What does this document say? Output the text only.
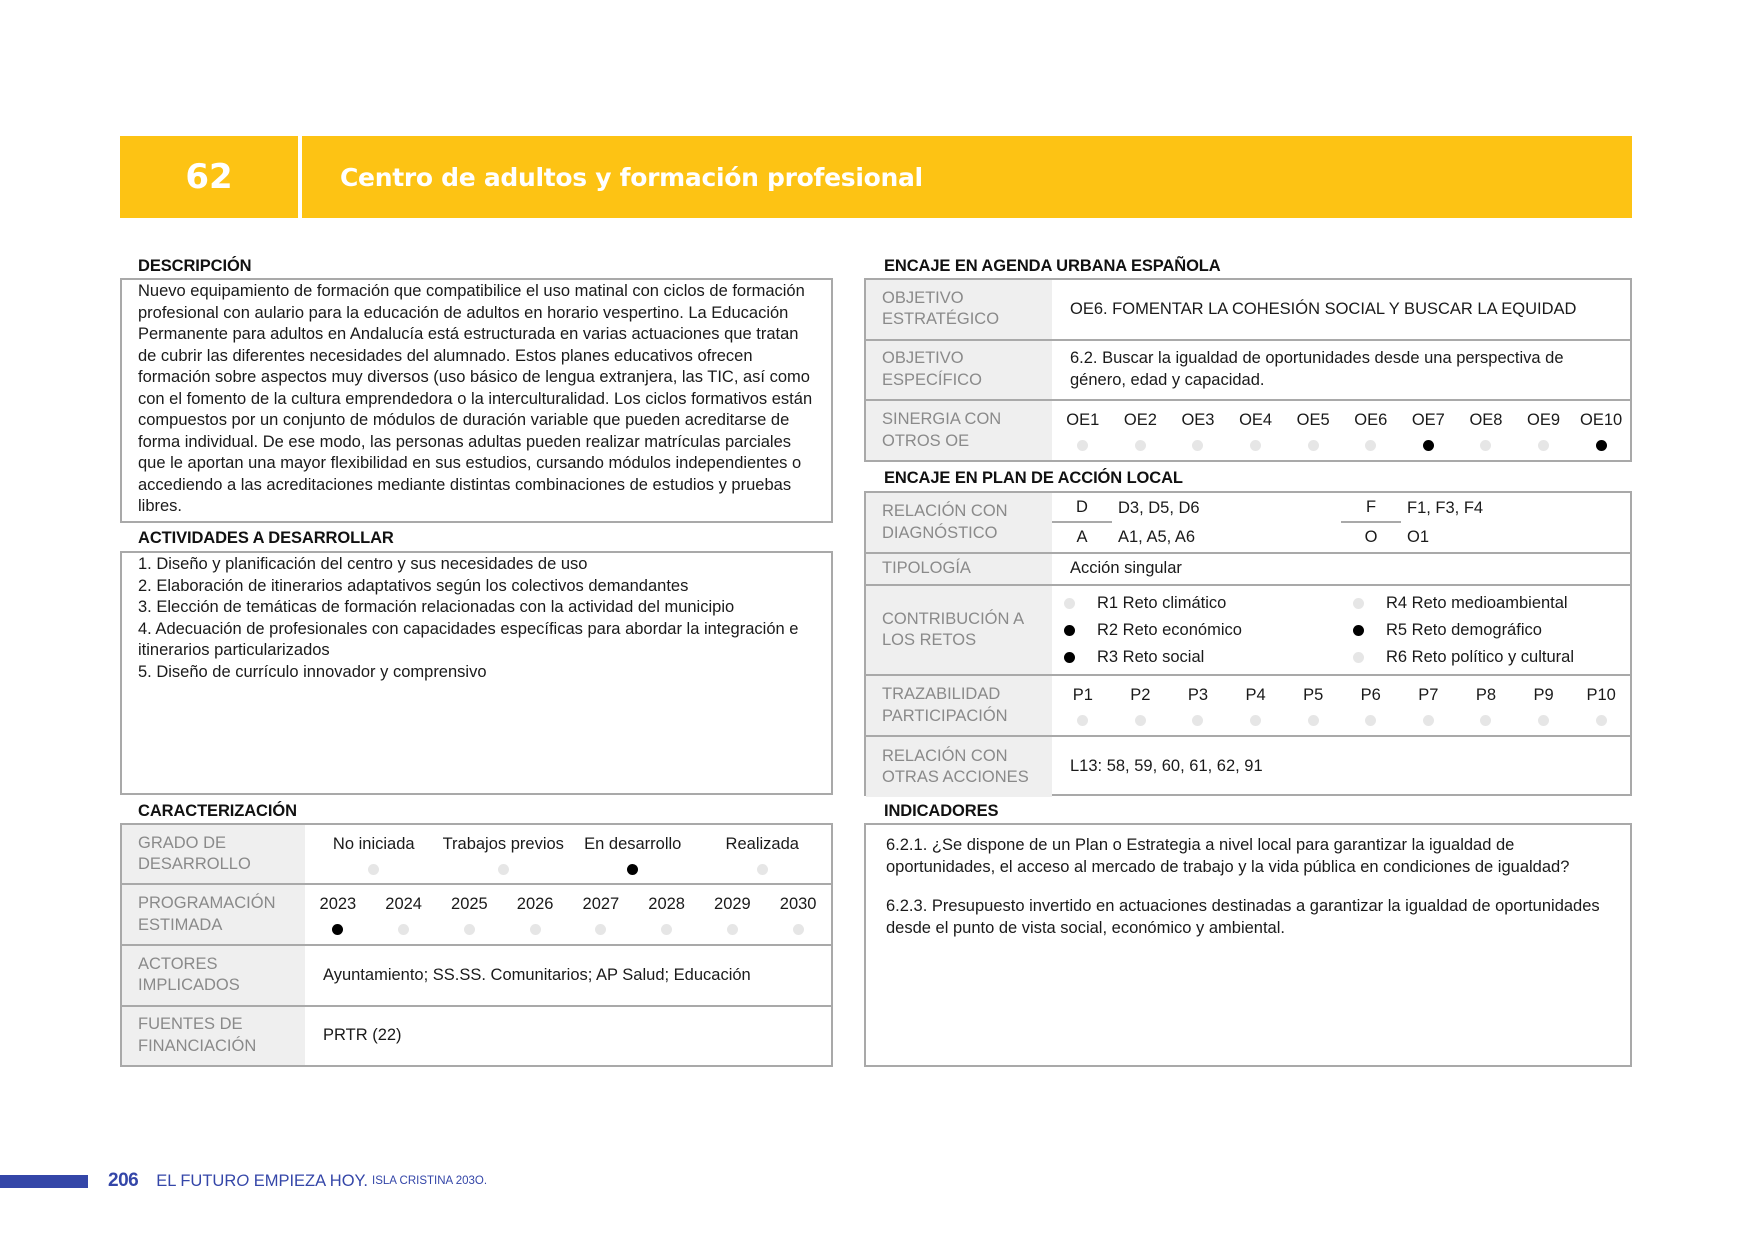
62	Centro de adultos y formación profesional
DESCRIPCIÓN
Nuevo equipamiento de formación que compatibilice el uso matinal con ciclos de formación profesional con aulario para la educación de adultos en horario vespertino. La Educación Permanente para adultos en Andalucía está estructurada en varias actuaciones que tratan de cubrir las diferentes necesidades del alumnado. Estos planes educativos ofrecen formación sobre aspectos muy diversos (uso básico de lengua extranjera, las TIC, así como con el fomento de la cultura emprendedora o la interculturalidad. Los ciclos formativos están compuestos por un conjunto de módulos de duración variable que pueden acreditarse de forma individual. De ese modo, las personas adultas pueden realizar matrículas parciales que le aportan una mayor flexibilidad en sus estudios, cursando módulos independientes o accediendo a las acreditaciones mediante distintas combinaciones de estudios y pruebas libres.
ACTIVIDADES A DESARROLLAR
1. Diseño y planificación del centro y sus necesidades de uso
2. Elaboración de itinerarios adaptativos según los colectivos demandantes
3. Elección de temáticas de formación relacionadas con la actividad del municipio
4. Adecuación de profesionales con capacidades específicas para abordar la integración e itinerarios particularizados
5. Diseño de currículo innovador y comprensivo
CARACTERIZACIÓN
GRADO DE DESARROLLO	No iniciada Trabajos previos En desarrollo Realizada

PROGRAMACIÓN ESTIMADA	
2023 2024 2025 2026 2027 2028 2029 2030

ACTORES IMPLICADOS	Ayuntamiento; SS.SS. Comunitarios; AP Salud; Educación
FUENTES DE FINANCIACIÓN	PRTR (22)
ENCAJE EN AGENDA URBANA ESPAÑOLA
OBJETIVO ESTRATÉGICO	OE6. FOMENTAR LA COHESIÓN SOCIAL Y BUSCAR LA EQUIDAD
OBJETIVO ESPECÍFICO	6.2. Buscar la igualdad de oportunidades desde una perspectiva de género, edad y capacidad.
SINERGIA CON OTROS OE	
OE1 OE2 OE3 OE4 OE5 OE6 OE7 OE8 OE9 OE10
ENCAJE EN PLAN DE ACCIÓN LOCAL
RELACIÓN CON DIAGNÓSTICO	
D	D3, D5, D6	F	F1, F3, F4
A	A1, A5, A6	O	O1

TIPOLOGÍA	Acción singular
CONTRIBUCIÓN A LOS RETOS	
R1 Reto climático	R4 Reto medioambiental
R2 Reto económico	R5 Reto demográfico
R3 Reto social	R6 Reto político y cultural

TRAZABILIDAD PARTICIPACIÓN	
P1 P2 P3 P4 P5 P6 P7 P8 P9 P10

RELACIÓN CON OTRAS ACCIONES	L13: 58, 59, 60, 61, 62, 91
INDICADORES

6.2.1. ¿Se dispone de un Plan o Estrategia a nivel local para garantizar la igualdad de oportunidades, el acceso al mercado de trabajo y la vida pública en condiciones de igualdad?

6.2.3. Presupuesto invertido en actuaciones destinadas a garantizar la igualdad de oportunidades desde el punto de vista social, económico y ambiental.

206 EL FUTURO EMPIEZA HOY. ISLA CRISTINA 203O.
